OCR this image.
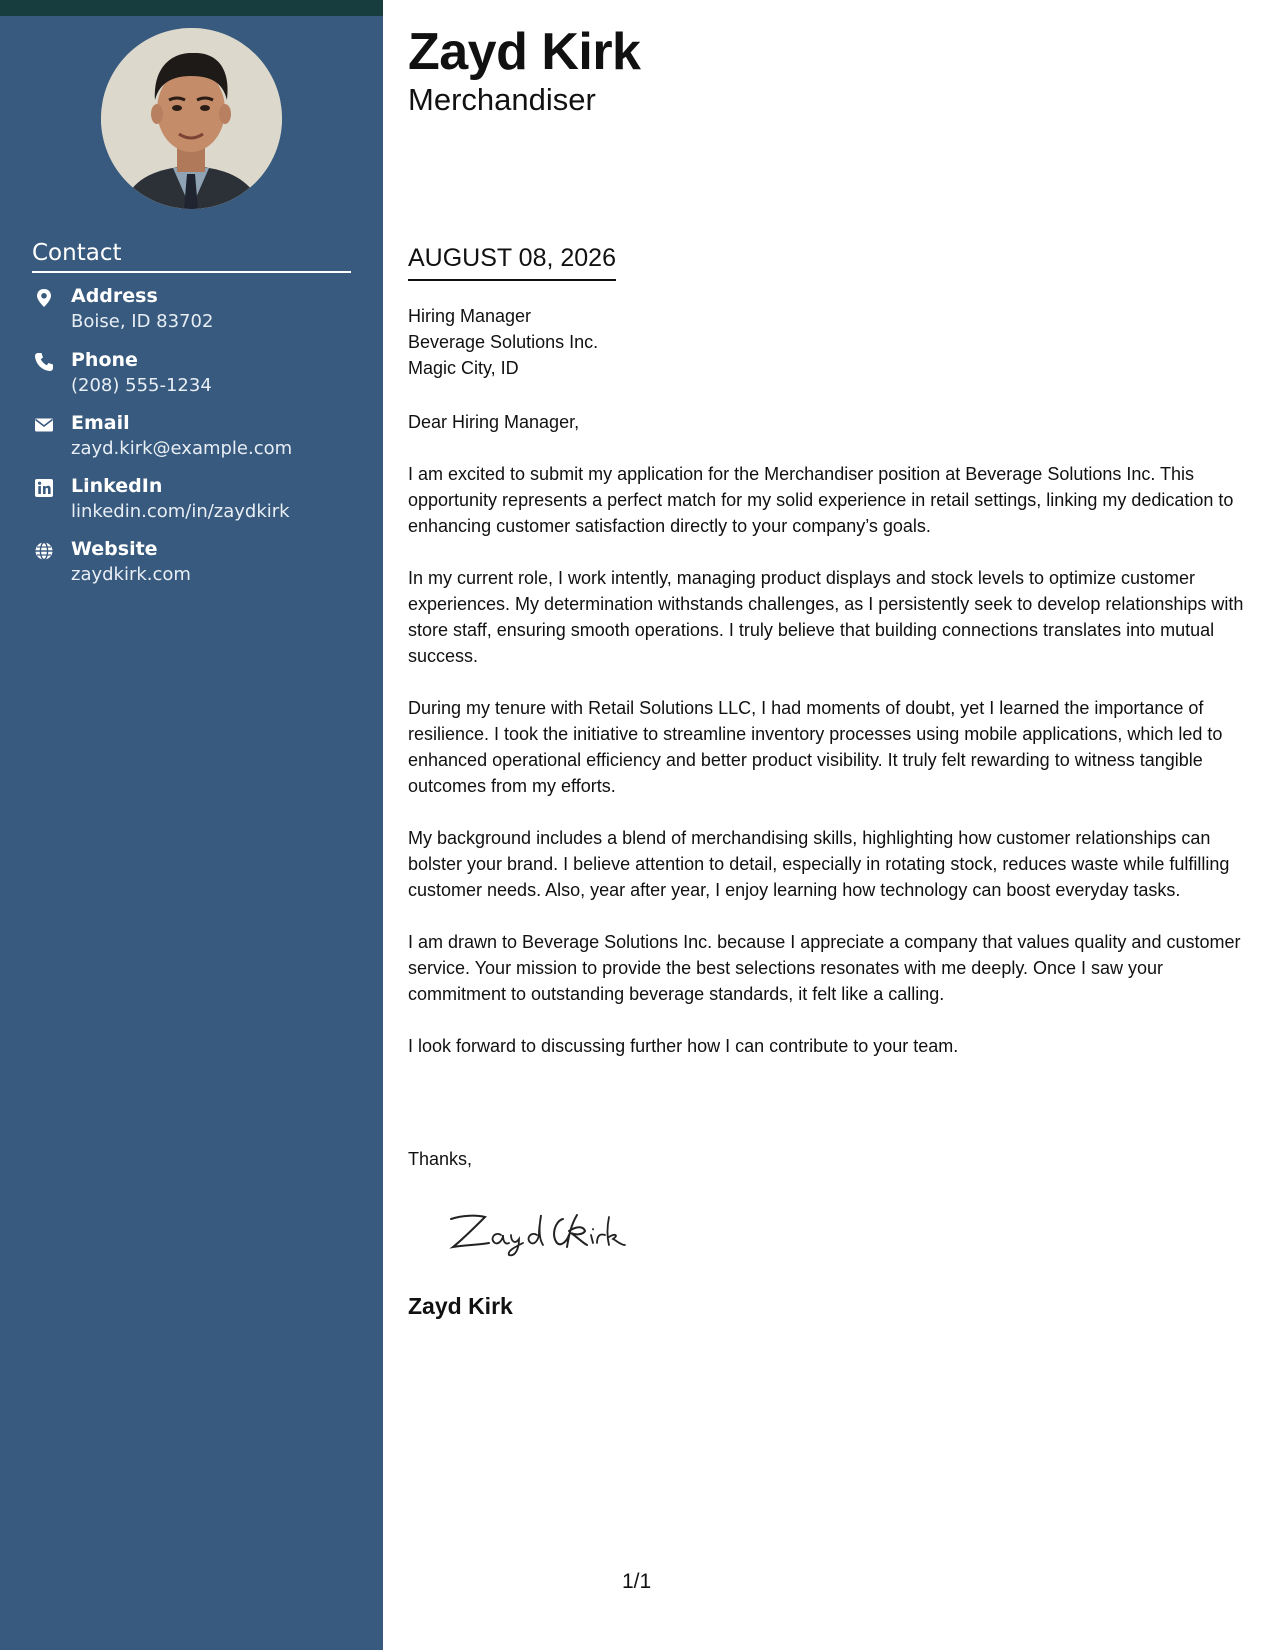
Contact
Address
Boise, ID 83702
Phone
(208) 555-1234
Email
zayd.kirk@example.com
LinkedIn
linkedin.com/in/zaydkirk
Website
zaydkirk.com
Zayd Kirk
Merchandiser
AUGUST 08, 2026
Hiring Manager
Beverage Solutions Inc.
Magic City, ID

Dear Hiring Manager,

I am excited to submit my application for the Merchandiser position at Beverage Solutions Inc. This opportunity represents a perfect match for my solid experience in retail settings, linking my dedication to enhancing customer satisfaction directly to your company’s goals.

In my current role, I work intently, managing product displays and stock levels to optimize customer experiences. My determination withstands challenges, as I persistently seek to develop relationships with store staff, ensuring smooth operations. I truly believe that building connections translates into mutual success.

During my tenure with Retail Solutions LLC, I had moments of doubt, yet I learned the importance of resilience. I took the initiative to streamline inventory processes using mobile applications, which led to enhanced operational efficiency and better product visibility. It truly felt rewarding to witness tangible outcomes from my efforts.

My background includes a blend of merchandising skills, highlighting how customer relationships can bolster your brand. I believe attention to detail, especially in rotating stock, reduces waste while fulfilling customer needs. Also, year after year, I enjoy learning how technology can boost everyday tasks.

I am drawn to Beverage Solutions Inc. because I appreciate a company that values quality and customer service. Your mission to provide the best selections resonates with me deeply. Once I saw your commitment to outstanding beverage standards, it felt like a calling.

I look forward to discussing further how I can contribute to your team.

Thanks,
Zayd Kirk
1/1
